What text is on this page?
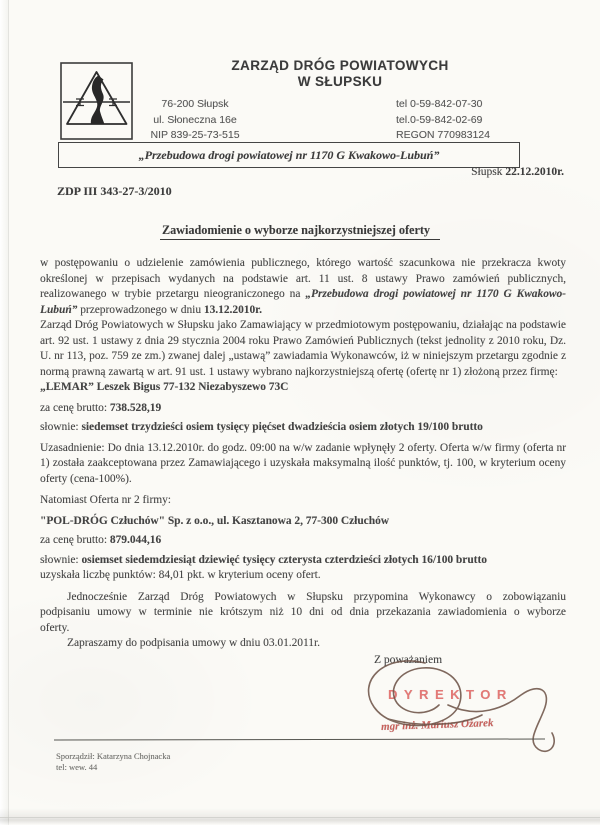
ZARZĄD DRÓG POWIATOWYCH
W SŁUPSKU
76-200 Słupsk
ul. Słoneczna 16e
NIP 839-25-73-515
tel 0-59-842-07-30
tel.0-59-842-02-69
REGON 770983124
„Przebudowa drogi powiatowej nr 1170 G Kwakowo-Lubuń”
Słupsk 22.12.2010r.
ZDP III 343-27-3/2010
Zawiadomienie o wyborze najkorzystniejszej oferty

w postępowaniu o udzielenie zamówienia publicznego, którego wartość szacunkowa nie przekracza kwoty określonej w przepisach wydanych na podstawie art. 11 ust. 8 ustawy Prawo zamówień publicznych, realizowanego w trybie przetargu nieograniczonego na „Przebudowa drogi powiatowej nr 1170 G Kwakowo-Lubuń” przeprowadzonego w dniu 13.12.2010r.

Zarząd Dróg Powiatowych w Słupsku jako Zamawiający w przedmiotowym postępowaniu, działając na podstawie art. 92 ust. 1 ustawy z dnia 29 stycznia 2004 roku Prawo Zamówień Publicznych (tekst jednolity z 2010 roku, Dz. U. nr 113, poz. 759 ze zm.) zwanej dalej „ustawą” zawiadamia Wykonawców, iż w niniejszym przetargu zgodnie z normą prawną zawartą w art. 91 ust. 1 ustawy wybrano najkorzystniejszą ofertę (ofertę nr 1) złożoną przez firmę:

„LEMAR” Leszek Bigus 77-132 Niezabyszewo 73C

za cenę brutto: 738.528,19

słownie: siedemset trzydzieści osiem tysięcy pięćset dwadzieścia osiem złotych 19/100 brutto

Uzasadnienie: Do dnia 13.12.2010r. do godz. 09:00 na w/w zadanie wpłynęły 2 oferty. Oferta w/w firmy (oferta nr 1) została zaakceptowana przez Zamawiającego i uzyskała maksymalną ilość punktów, tj. 100, w kryterium oceny oferty (cena-100%).

Natomiast Oferta nr 2 firmy:

"POL-DRÓG Człuchów" Sp. z o.o., ul. Kasztanowa 2, 77-300 Człuchów

za cenę brutto: 879.044,16

słownie: osiemset siedemdziesiąt dziewięć tysięcy czterysta czterdzieści złotych 16/100 brutto

uzyskała liczbę punktów: 84,01 pkt. w kryterium oceny ofert.

Jednocześnie Zarząd Dróg Powiatowych w Słupsku przypomina Wykonawcy o zobowiązaniu podpisaniu umowy w terminie nie krótszym niż 10 dni od dnia przekazania zawiadomienia o wyborze oferty.

Zapraszamy do podpisania umowy w dniu 03.01.2011r.

Z poważaniem
DYREKTOR
mgr inż. Mariusz Ożarek
Sporządził: Katarzyna Chojnacka
tel: wew. 44
